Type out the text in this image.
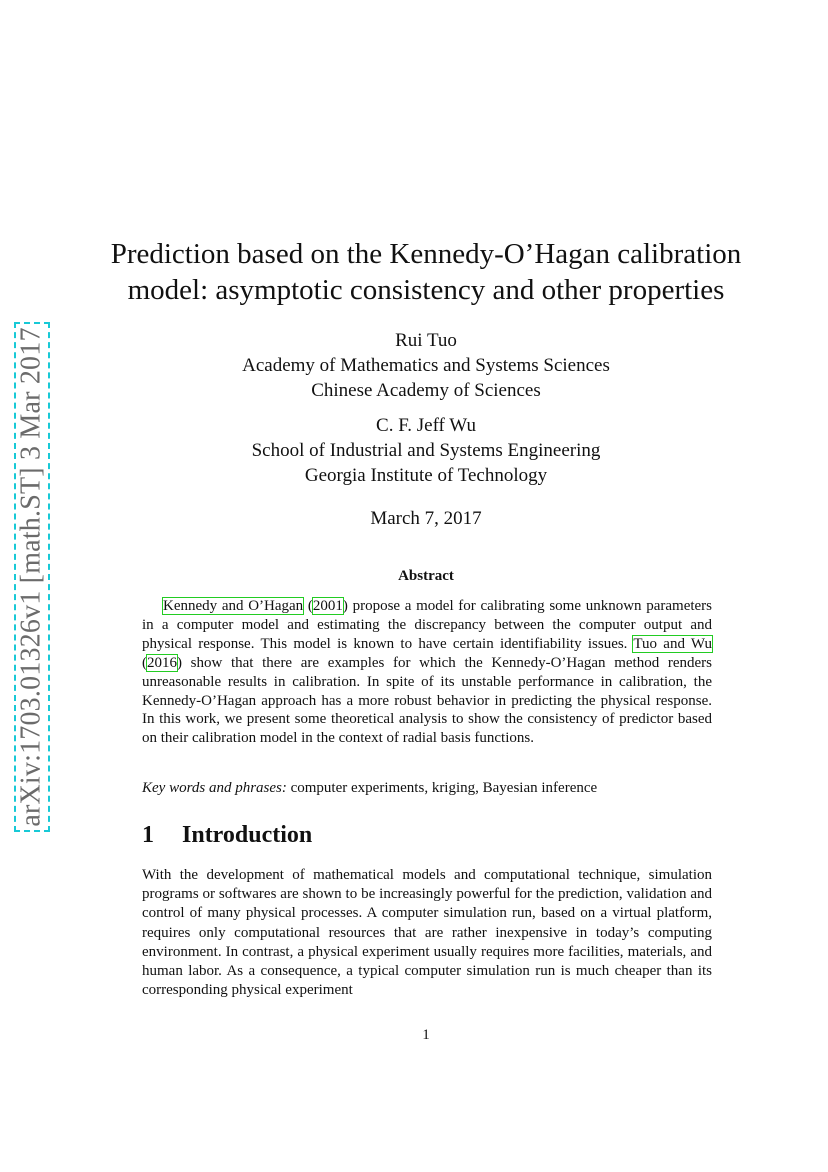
arXiv:1703.01326v1 [math.ST] 3 Mar 2017
Prediction based on the Kennedy-O’Hagan calibration
model: asymptotic consistency and other properties
Rui Tuo
Academy of Mathematics and Systems Sciences
Chinese Academy of Sciences
C. F. Jeff Wu
School of Industrial and Systems Engineering
Georgia Institute of Technology
March 7, 2017
Abstract

Kennedy and O’Hagan (2001) propose a model for calibrating some unknown parameters in a computer model and estimating the discrepancy between the computer output and physical response. This model is known to have certain identifiability issues. Tuo and Wu (2016) show that there are examples for which the Kennedy-O’Hagan method renders unreasonable results in calibration. In spite of its unstable performance in calibration, the Kennedy-O’Hagan approach has a more robust behavior in predicting the physical response. In this work, we present some theoretical analysis to show the consistency of predictor based on their calibration model in the context of radial basis functions.

Key words and phrases: computer experiments, kriging, Bayesian inference

1 Introduction

With the development of mathematical models and computational technique, simulation programs or softwares are shown to be increasingly powerful for the prediction, validation and control of many physical processes. A computer simulation run, based on a virtual platform, requires only computational resources that are rather inexpensive in today’s computing environment. In contrast, a physical experiment usually requires more facilities, materials, and human labor. As a consequence, a typical computer simulation run is much cheaper than its corresponding physical experiment

1
